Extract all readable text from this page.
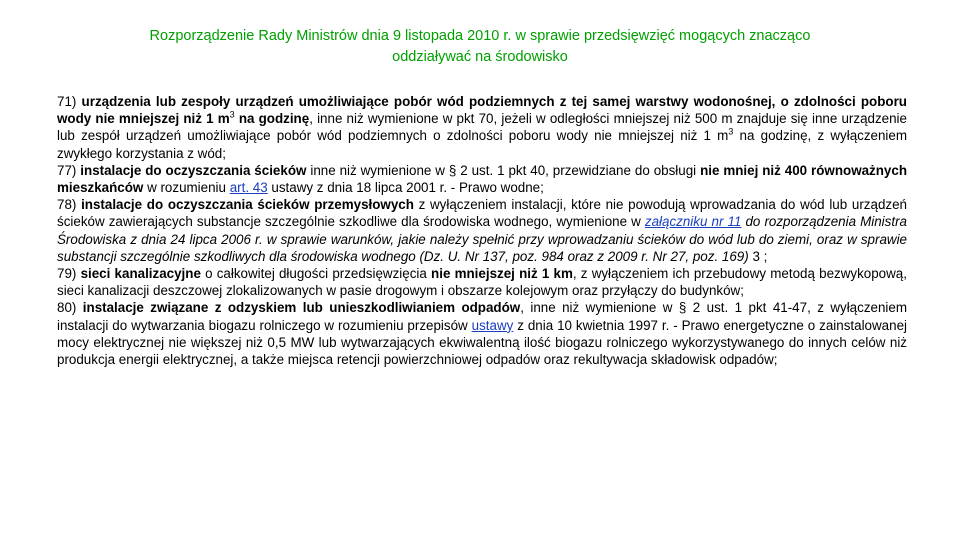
Rozporządzenie Rady Ministrów dnia 9 listopada 2010 r. w sprawie przedsięwzięć mogących znacząco
oddziaływać na środowisko

71) urządzenia lub zespoły urządzeń umożliwiające pobór wód podziemnych z tej samej warstwy wodonośnej, o zdolności poboru wody nie mniejszej niż 1 $m^3$ na godzinę, inne niż wymienione w pkt 70, jeżeli w odległości mniejszej niż 500 m znajduje się inne urządzenie lub zespół urządzeń umożliwiające pobór wód podziemnych o zdolności poboru wody nie mniejszej niż 1 $m^3$ na godzinę, z wyłączeniem zwykłego korzystania z wód;

77) instalacje do oczyszczania ścieków inne niż wymienione w § 2 ust. 1 pkt 40, przewidziane do obsługi nie mniej niż 400 równoważnych mieszkańców w rozumieniu art. 43 ustawy z dnia 18 lipca 2001 r. - Prawo wodne;

78) instalacje do oczyszczania ścieków przemysłowych z wyłączeniem instalacji, które nie powodują wprowadzania do wód lub urządzeń ścieków zawierających substancje szczególnie szkodliwe dla środowiska wodnego, wymienione w załączniku nr 11 do rozporządzenia Ministra Środowiska z dnia 24 lipca 2006 r. w sprawie warunków, jakie należy spełnić przy wprowadzaniu ścieków do wód lub do ziemi, oraz w sprawie substancji szczególnie szkodliwych dla środowiska wodnego (Dz. U. Nr 137, poz. 984 oraz z 2009 r. Nr 27, poz. 169) 3 ;

79) sieci kanalizacyjne o całkowitej długości przedsięwzięcia nie mniejszej niż 1 km, z wyłączeniem ich przebudowy metodą bezwykopową, sieci kanalizacji deszczowej zlokalizowanych w pasie drogowym i obszarze kolejowym oraz przyłączy do budynków;

80) instalacje związane z odzyskiem lub unieszkodliwianiem odpadów, inne niż wymienione w § 2 ust. 1 pkt 41-47, z wyłączeniem instalacji do wytwarzania biogazu rolniczego w rozumieniu przepisów ustawy z dnia 10 kwietnia 1997 r. - Prawo energetyczne o zainstalowanej mocy elektrycznej nie większej niż 0,5 MW lub wytwarzających ekwiwalentną ilość biogazu rolniczego wykorzystywanego do innych celów niż produkcja energii elektrycznej, a także miejsca retencji powierzchniowej odpadów oraz rekultywacja składowisk odpadów;
